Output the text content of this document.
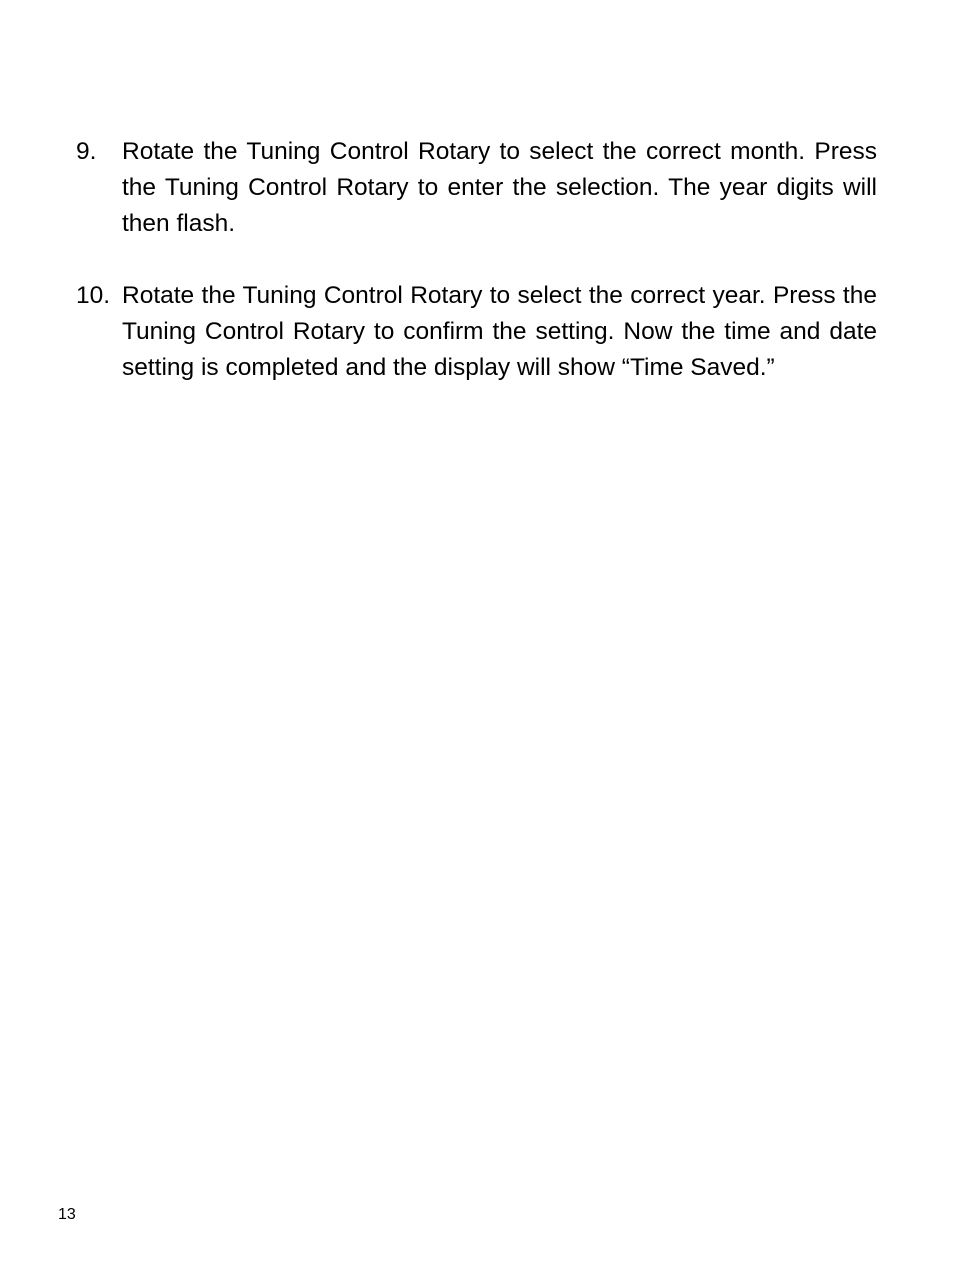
9.	Rotate the Tuning Control Rotary to select the correct month. Press the Tuning Control Rotary to enter the selection. The year digits will then flash.
10. Rotate the Tuning Control Rotary to select the correct year. Press the Tuning Control Rotary to confirm the setting. Now the time and date setting is completed and the display will show “Time Saved.”
13
